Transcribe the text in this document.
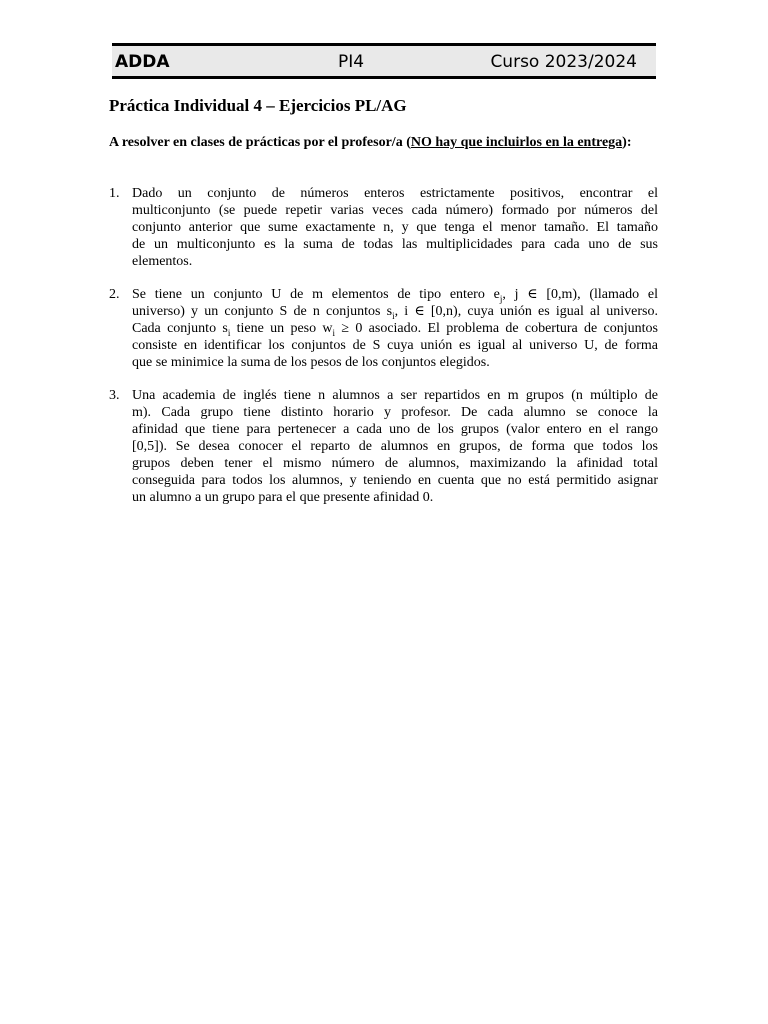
ADDA	PI4	Curso 2023/2024
Práctica Individual 4 – Ejercicios PL/AG
A resolver en clases de prácticas por el profesor/a (NO hay que incluirlos en la entrega):
1. Dado un conjunto de números enteros estrictamente positivos, encontrar el
multiconjunto (se puede repetir varias veces cada número) formado por números del
conjunto anterior que sume exactamente n, y que tenga el menor tamaño. El tamaño
de un multiconjunto es la suma de todas las multiplicidades para cada uno de sus
elementos.
2. Se tiene un conjunto U de m elementos de tipo entero $e_j$, j ∈ [0,m), (llamado el
universo) y un conjunto S de n conjuntos $s_i$, i ∈ [0,n), cuya unión es igual al universo.
Cada conjunto $s_i$ tiene un peso $w_i \ge 0$ asociado. El problema de cobertura de conjuntos
consiste en identificar los conjuntos de S cuya unión es igual al universo U, de forma
que se minimice la suma de los pesos de los conjuntos elegidos.
3. Una academia de inglés tiene n alumnos a ser repartidos en m grupos (n múltiplo de
m). Cada grupo tiene distinto horario y profesor. De cada alumno se conoce la
afinidad que tiene para pertenecer a cada uno de los grupos (valor entero en el rango
[0,5]). Se desea conocer el reparto de alumnos en grupos, de forma que todos los
grupos deben tener el mismo número de alumnos, maximizando la afinidad total
conseguida para todos los alumnos, y teniendo en cuenta que no está permitido asignar
un alumno a un grupo para el que presente afinidad 0.
